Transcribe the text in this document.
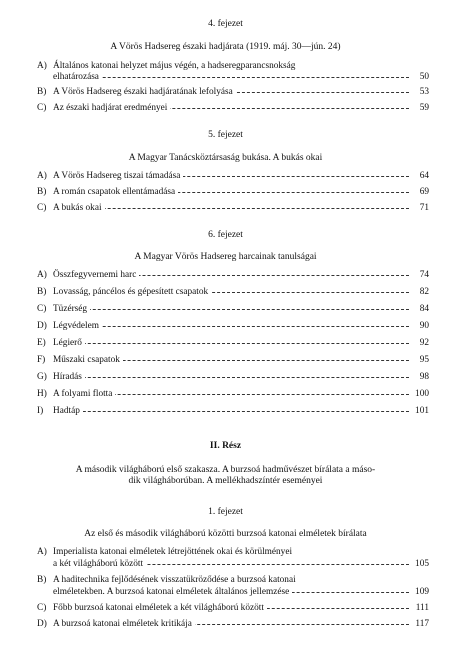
4. fejezet
A Vörös Hadsereg északi hadjárata (1919. máj. 30—jún. 24)
A) Általános katonai helyzet május végén, a hadseregparancsnokság
elhatározása	50
B) A Vörös Hadsereg északi hadjáratának lefolyása	53
C) Az északi hadjárat eredményei	59
5. fejezet
A Magyar Tanácsköztársaság bukása. A bukás okai
A) A Vörös Hadsereg tiszai támadása	64
B) A román csapatok ellentámadása	69
C) A bukás okai	71
6. fejezet
A Magyar Vörös Hadsereg harcainak tanulságai
A) Összfegyvernemi harc	74
B) Lovasság, páncélos és gépesített csapatok	82
C) Tüzérség	84
D) Légvédelem	90
E) Légierő	92
F) Műszaki csapatok	95
G) Híradás	98
H) A folyami flotta	100
I)	Hadtáp	101
II. Rész
A második világháború első szakasza. A burzsoá hadművészet bírálata a máso-
dik világháborúban. A mellékhadszíntér eseményei
1. fejezet
Az első és második világháború közötti burzsoá katonai elméletek bírálata
A) Imperialista katonai elméletek létrejöttének okai és körülményei
a két világháború között	105
B) A haditechnika fejlődésének visszatükröződése a burzsoá katonai
elméletekben. A burzsoá katonai elméletek általános jellemzése	109
C) Főbb burzsoá katonai elméletek a két világháború között	111
D) A burzsoá katonai elméletek kritikája	117
